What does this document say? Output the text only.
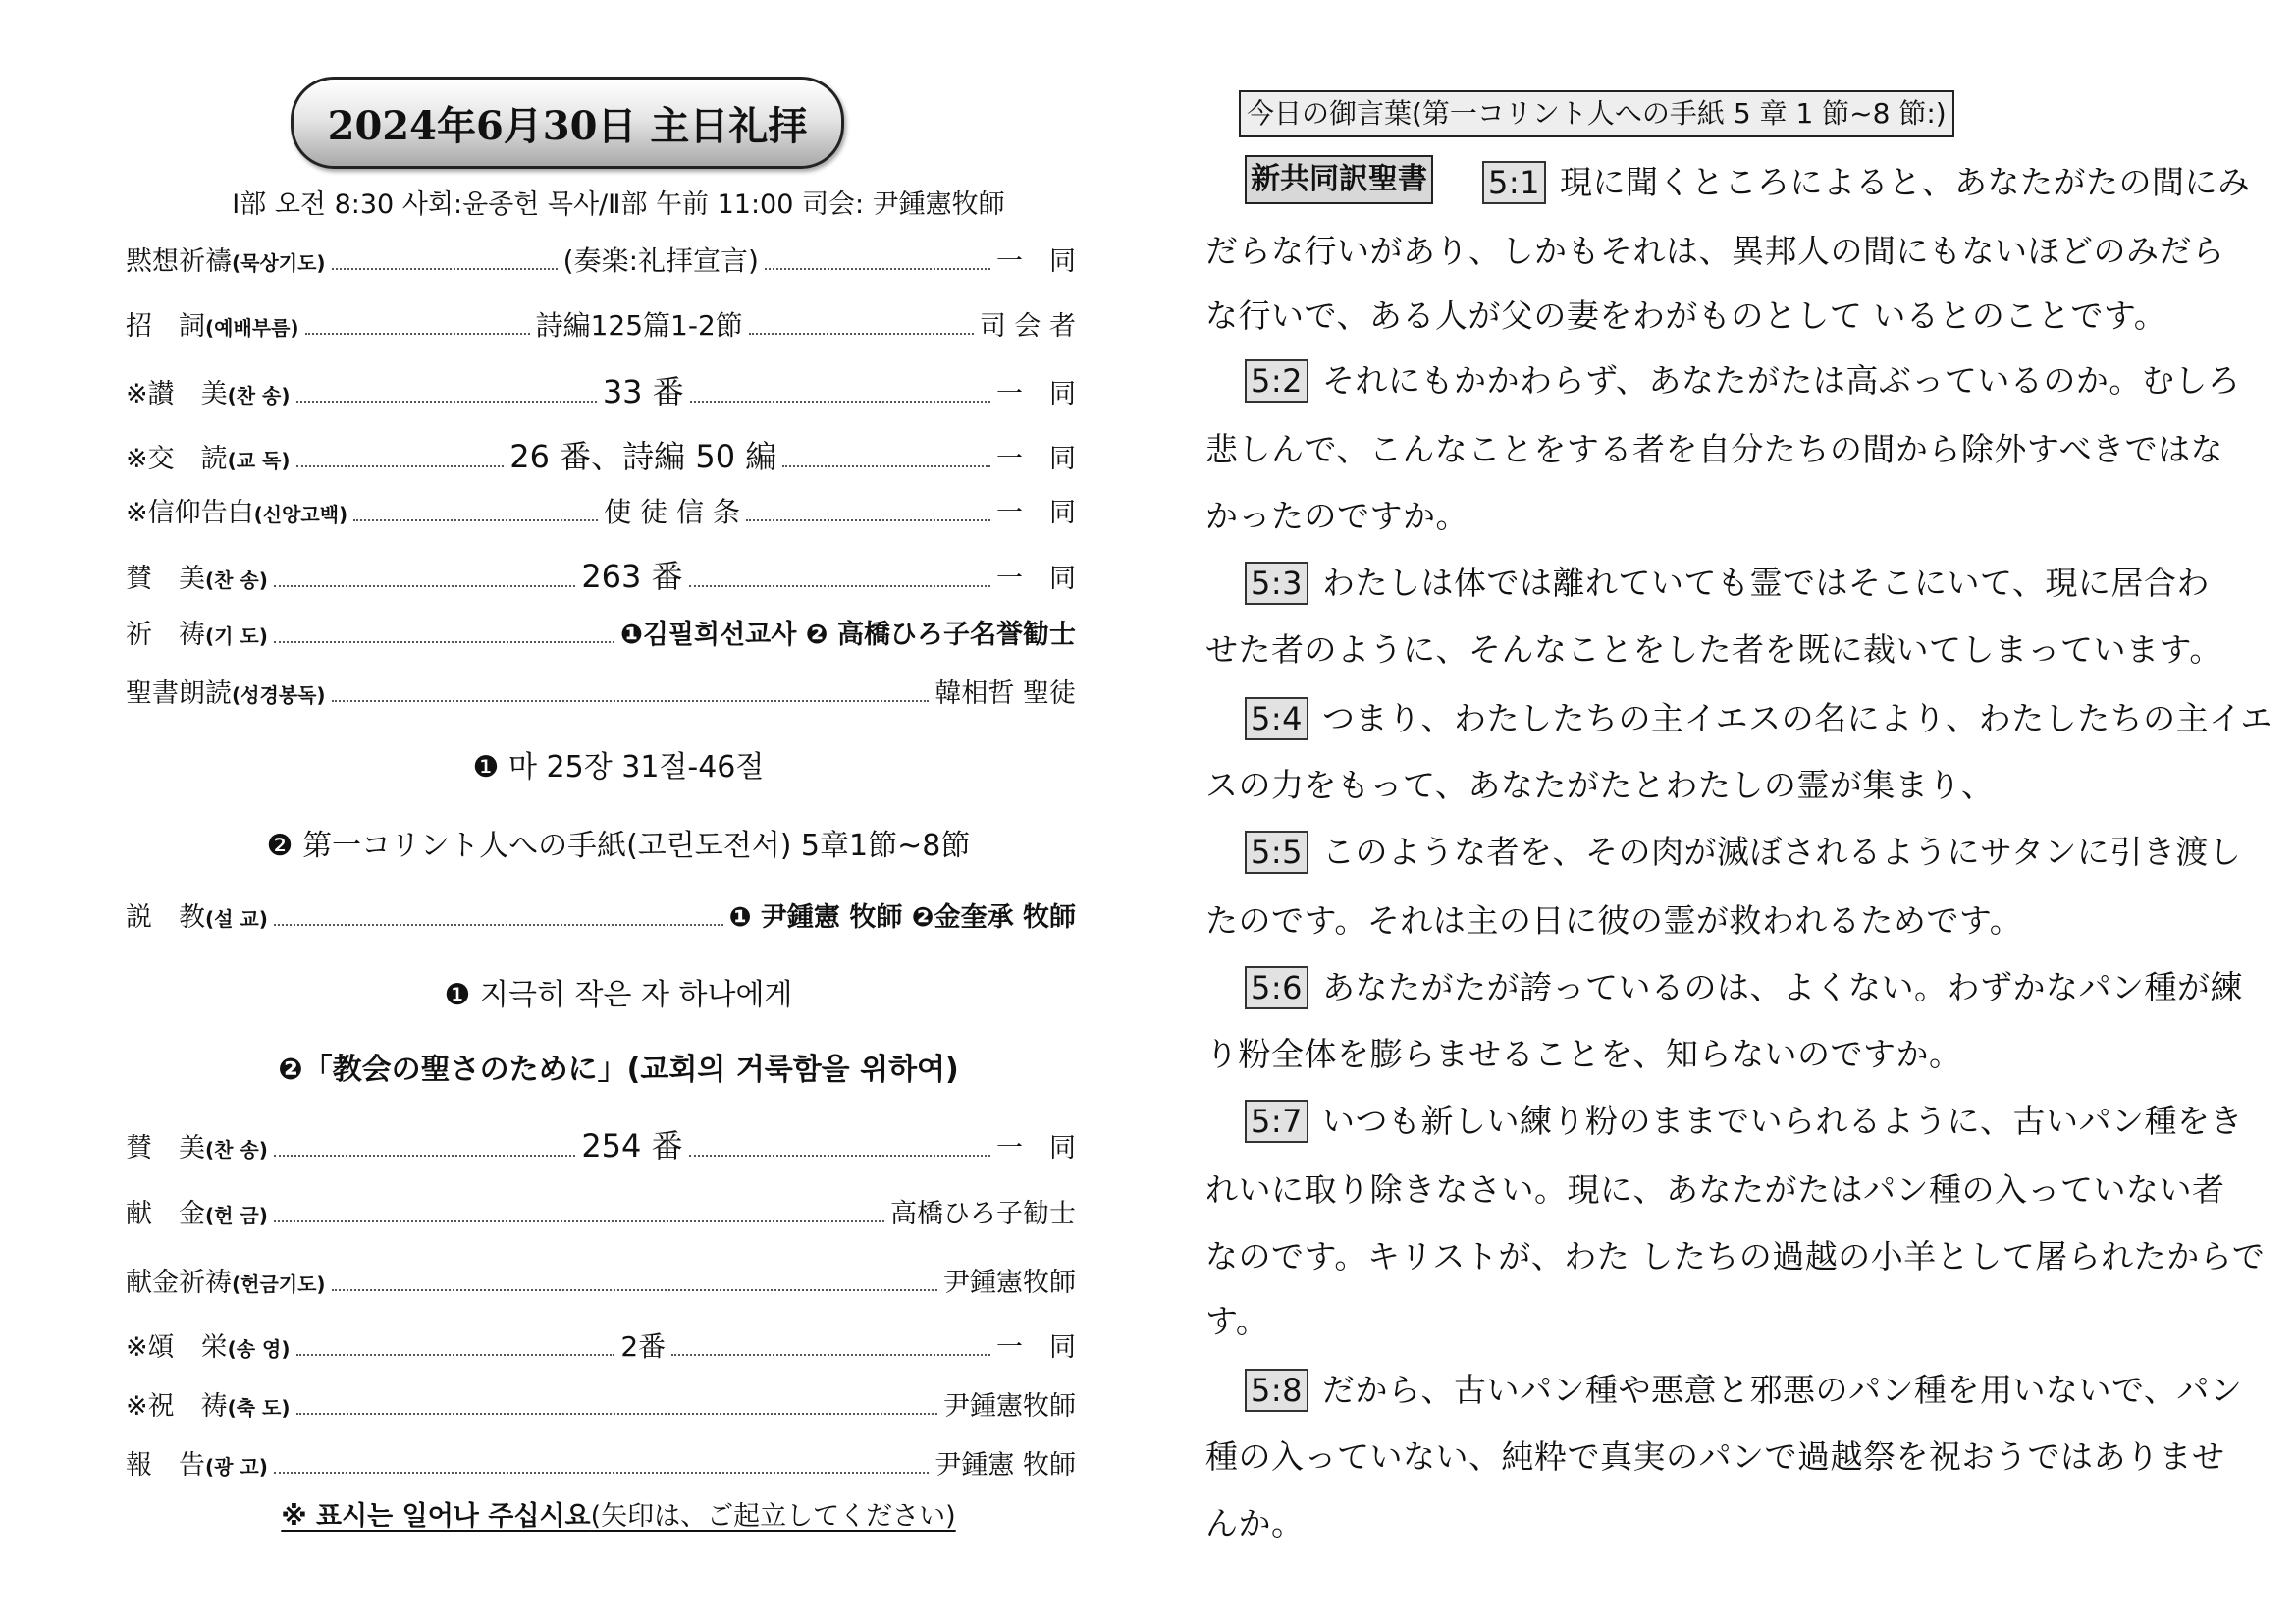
2024年6月30日 主日礼拝
Ⅰ部 오전 8:30 사회:윤종헌 목사/Ⅱ部 午前 11:00 司会: 尹鍾憲牧師
黙想祈禱(묵상기도)	(奏楽:礼拝宣言)	一　同
招　詞(예배부름)	詩編125篇1-2節	司 会 者
※讃　美(찬 송)	33 番	一　同
※交　読(교 독)	26 番、詩編 50 編	一　同
※信仰告白(신앙고백)	使 徒 信 条	一　同
賛　美(찬 송)	263 番	一　同
祈　祷(기 도)	❶김필희선교사 ❷ 高橋ひろ子名誉勧士
聖書朗読(성경봉독)	韓相哲 聖徒
❶ 마 25장 31절-46절
❷ 第一コリント人への手紙(고린도전서) 5章1節~8節
説　教(설 교)	❶ 尹鍾憲 牧師 ❷金奎承 牧師
❶ 지극히 작은 자 하나에게
❷「教会の聖さのために」(교회의 거룩함을 위하여)
賛　美(찬 송)	254 番	一　同
献　金(헌 금)	高橋ひろ子勧士
献金祈祷(헌금기도)	尹鍾憲牧師
※頌　栄(송 영)	2番	一　同
※祝　祷(축 도)	尹鍾憲牧師
報　告(광 고)	尹鍾憲 牧師
※ 표시는 일어나 주십시요(矢印は、ご起立してください)
今日の御言葉(第一コリント人への手紙 5 章 1 節~8 節:)
新共同訳聖書 5:1 現に聞くところによると、あなたがたの間にみ
だらな行いがあり、しかもそれは、異邦人の間にもないほどのみだら
な行いで、ある人が父の妻をわがものとして いるとのことです。
5:2 それにもかかわらず、あなたがたは高ぶっているのか。むしろ
悲しんで、こんなことをする者を自分たちの間から除外すべきではな
かったのですか。
5:3 わたしは体では離れていても霊ではそこにいて、現に居合わ
せた者のように、そんなことをした者を既に裁いてしまっています。
5:4 つまり、わたしたちの主イエスの名により、わたしたちの主イエ
スの力をもって、あなたがたとわたしの霊が集まり、
5:5 このような者を、その肉が滅ぼされるようにサタンに引き渡し
たのです。それは主の日に彼の霊が救われるためです。
5:6 あなたがたが誇っているのは、よくない。わずかなパン種が練
り粉全体を膨らませることを、知らないのですか。
5:7 いつも新しい練り粉のままでいられるように、古いパン種をき
れいに取り除きなさい。現に、あなたがたはパン種の入っていない者
なのです。キリストが、わた したちの過越の小羊として屠られたからで
す。
5:8 だから、古いパン種や悪意と邪悪のパン種を用いないで、パン
種の入っていない、純粋で真実のパンで過越祭を祝おうではありませ
んか。
